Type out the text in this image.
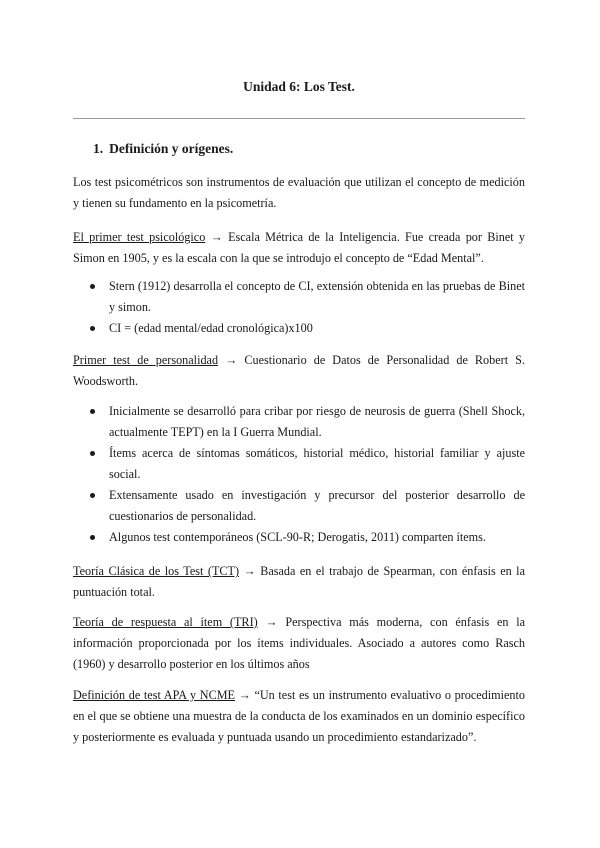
Unidad 6: Los Test.
1. Definición y orígenes.

Los test psicométricos son instrumentos de evaluación que utilizan el concepto de medición y tienen su fundamento en la psicometría.

El primer test psicológico → Escala Métrica de la Inteligencia. Fue creada por Binet y Simon en 1905, y es la escala con la que se introdujo el concepto de “Edad Mental”.

Stern (1912) desarrolla el concepto de CI, extensión obtenida en las pruebas de Binet y simon.
CI = (edad mental/edad cronológica)x100

Primer test de personalidad → Cuestionario de Datos de Personalidad de Robert S. Woodsworth.

Inicialmente se desarrolló para cribar por riesgo de neurosis de guerra (Shell Shock, actualmente TEPT) en la I Guerra Mundial.
Ítems acerca de síntomas somáticos, historial médico, historial familiar y ajuste social.
Extensamente usado en investigación y precursor del posterior desarrollo de cuestionarios de personalidad.
Algunos test contemporáneos (SCL-90-R; Derogatis, 2011) comparten ítems.

Teoría Clásica de los Test (TCT) → Basada en el trabajo de Spearman, con énfasis en la puntuación total.

Teoría de respuesta al ítem (TRI) → Perspectiva más moderna, con énfasis en la información proporcionada por los ítems individuales. Asociado a autores como Rasch (1960) y desarrollo posterior en los últimos años

Definición de test APA y NCME → “Un test es un instrumento evaluativo o procedimiento en el que se obtiene una muestra de la conducta de los examinados en un dominio específico y posteriormente es evaluada y puntuada usando un procedimiento estandarizado”.
